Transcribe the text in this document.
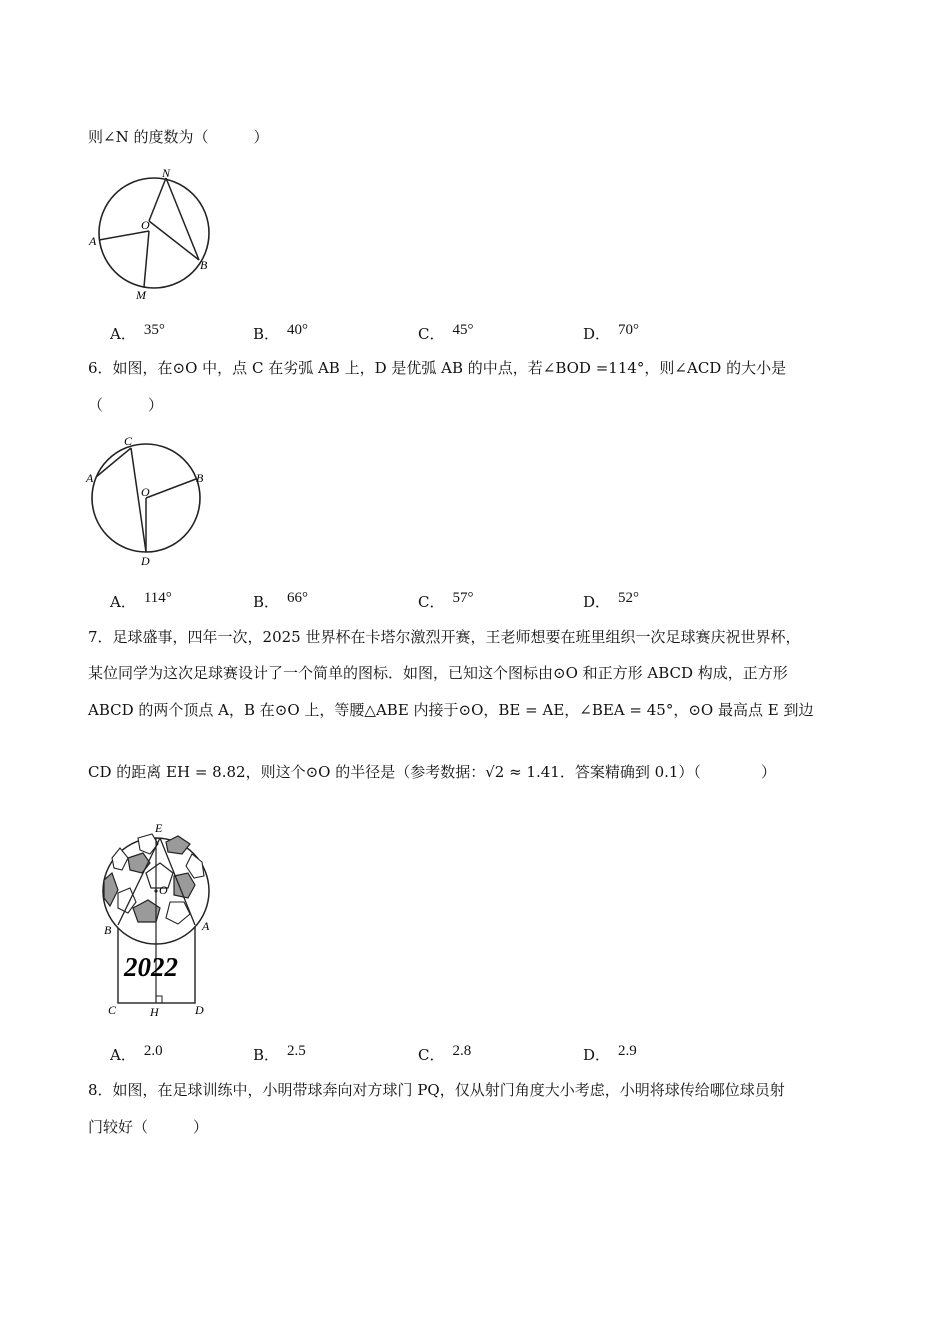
则∠N 的度数为（　　　）
N
O
A
B
M
A． 35°	B． 40°	C． 45°	D． 70°
6．如图，在⊙O 中，点 C 在劣弧 AB 上，D 是优弧 AB 的中点，若∠BOD =114°，则∠ACD 的大小是
（　　　）
C
A	B
O
D
A． 114°	B． 66°	C． 57°	D． 52°
7．足球盛事，四年一次，2025 世界杯在卡塔尔激烈开赛，王老师想要在班里组织一次足球赛庆祝世界杯，
某位同学为这次足球赛设计了一个简单的图标．如图，已知这个图标由⊙O 和正方形 ABCD 构成，正方形
ABCD 的两个顶点 A，B 在⊙O 上，等腰△ABE 内接于⊙O，BE = AE，∠BEA = 45°，⊙O 最高点 E 到边
CD 的距离 EH = 8.82，则这个⊙O 的半径是（参考数据：√2 ≈ 1.41．答案精确到 0.1）（　　　　）
2022
E
O
B	A
C	H	D
A． 2.0	B． 2.5	C． 2.8	D． 2.9
8．如图，在足球训练中，小明带球奔向对方球门 PQ，仅从射门角度大小考虑，小明将球传给哪位球员射
门较好（　　　）
